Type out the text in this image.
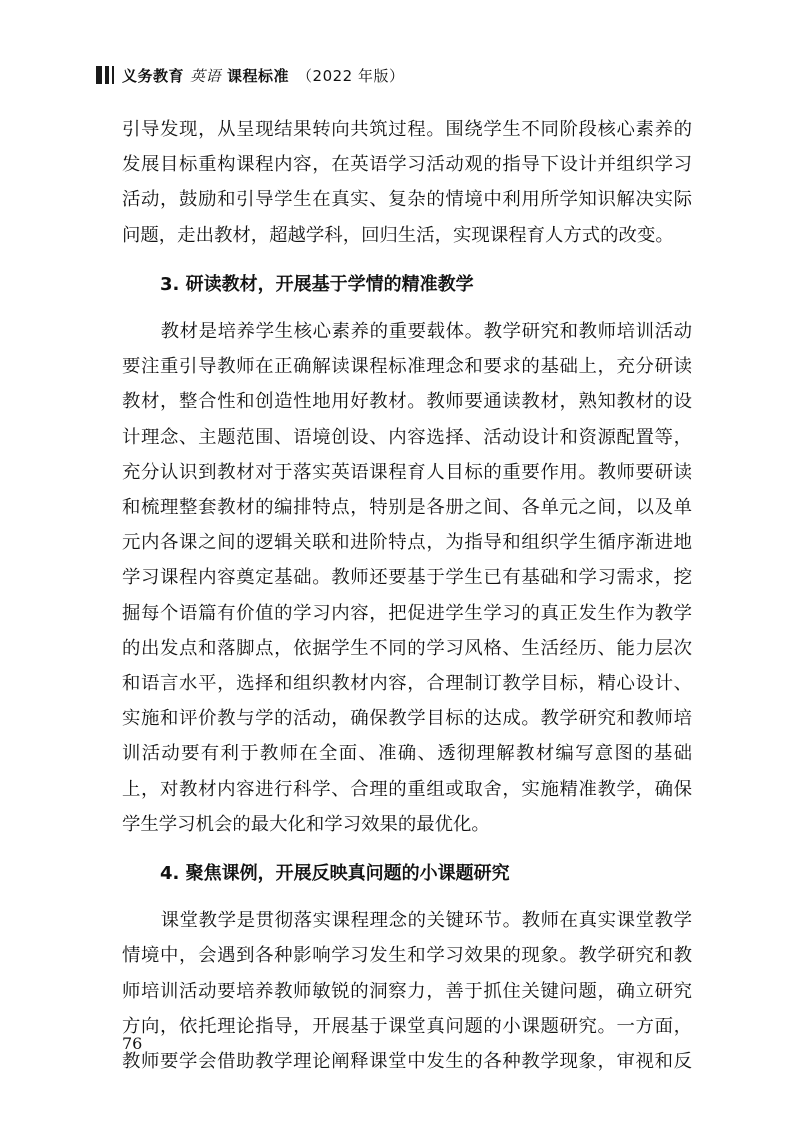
义务教育 英语 课程标准 （2022 年版）
引导发现，从呈现结果转向共筑过程。围绕学生不同阶段核心素养的
发展目标重构课程内容，在英语学习活动观的指导下设计并组织学习
活动，鼓励和引导学生在真实、复杂的情境中利用所学知识解决实际
问题，走出教材，超越学科，回归生活，实现课程育人方式的改变。
3. 研读教材，开展基于学情的精准教学
教材是培养学生核心素养的重要载体。教学研究和教师培训活动
要注重引导教师在正确解读课程标准理念和要求的基础上，充分研读
教材，整合性和创造性地用好教材。教师要通读教材，熟知教材的设
计理念、主题范围、语境创设、内容选择、活动设计和资源配置等，
充分认识到教材对于落实英语课程育人目标的重要作用。教师要研读
和梳理整套教材的编排特点，特别是各册之间、各单元之间，以及单
元内各课之间的逻辑关联和进阶特点，为指导和组织学生循序渐进地
学习课程内容奠定基础。教师还要基于学生已有基础和学习需求，挖
掘每个语篇有价值的学习内容，把促进学生学习的真正发生作为教学
的出发点和落脚点，依据学生不同的学习风格、生活经历、能力层次
和语言水平，选择和组织教材内容，合理制订教学目标，精心设计、
实施和评价教与学的活动，确保教学目标的达成。教学研究和教师培
训活动要有利于教师在全面、准确、透彻理解教材编写意图的基础
上，对教材内容进行科学、合理的重组或取舍，实施精准教学，确保
学生学习机会的最大化和学习效果的最优化。
4. 聚焦课例，开展反映真问题的小课题研究
课堂教学是贯彻落实课程理念的关键环节。教师在真实课堂教学
情境中，会遇到各种影响学习发生和学习效果的现象。教学研究和教
师培训活动要培养教师敏锐的洞察力，善于抓住关键问题，确立研究
方向，依托理论指导，开展基于课堂真问题的小课题研究。一方面，
教师要学会借助教学理论阐释课堂中发生的各种教学现象，审视和反
76
